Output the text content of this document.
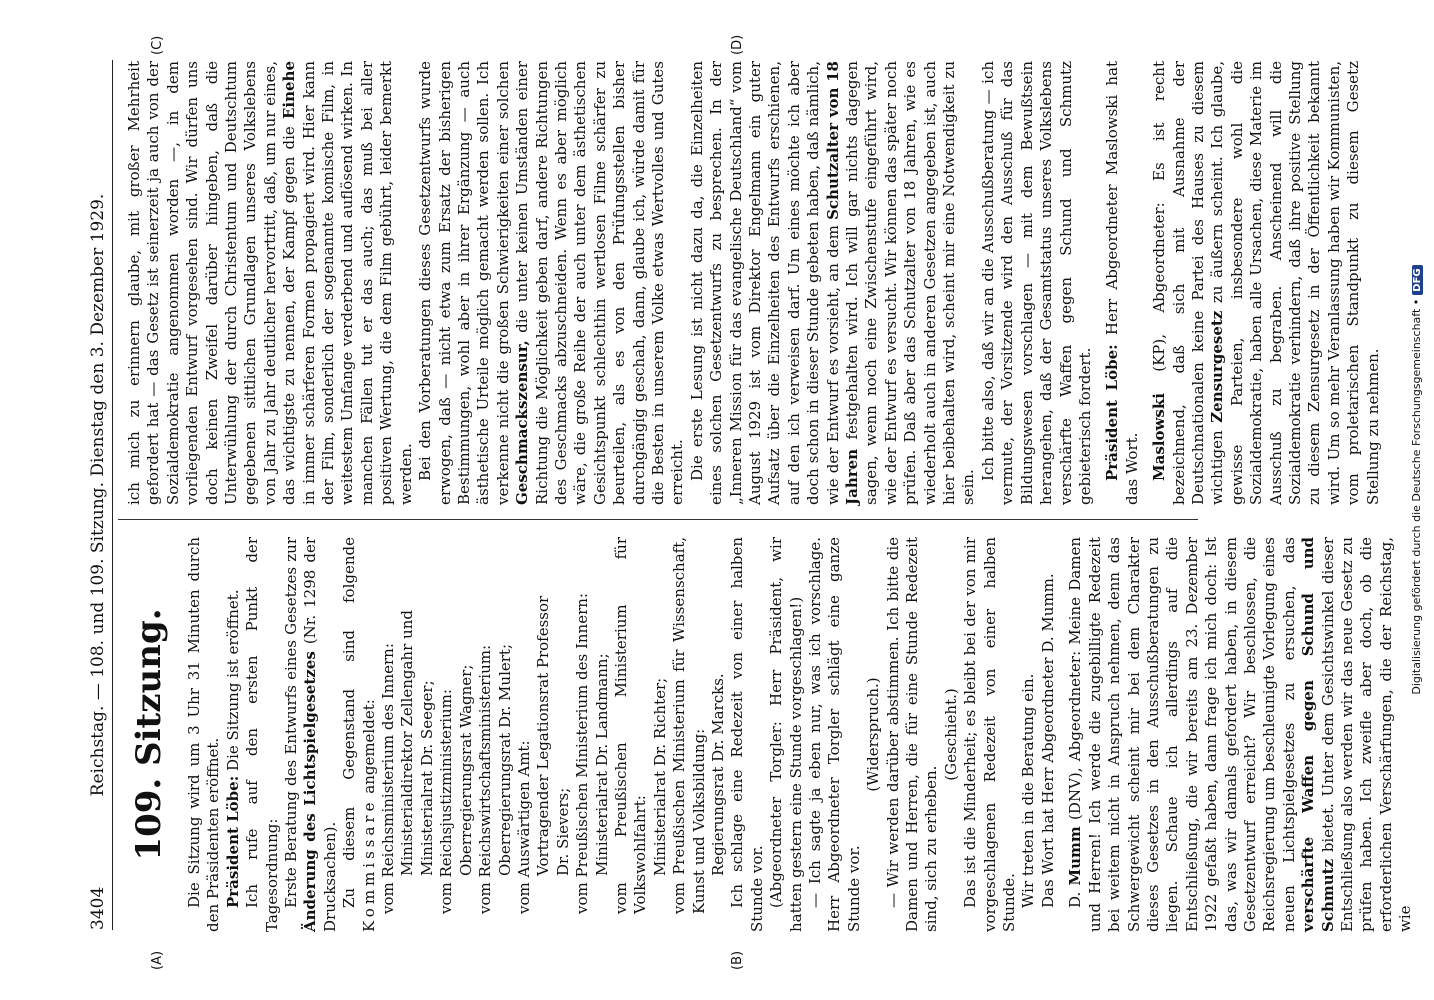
3404
Reichstag. — 108. und 109. Sitzung. Dienstag den 3. Dezember 1929.
(A)	(B)
(C)	(D)
109. Sitzung. Die Sitzung wird um 3 Uhr 31 Minuten durch den Präsidenten eröffnet. Präsident Löbe: Die Sitzung ist eröffnet. Ich rufe auf den ersten Punkt der Tagesordnung: Erste Beratung des Entwurfs eines Gesetzes zur Änderung des Lichtspielgesetzes (Nr. 1298 der Drucksachen). Zu diesem Gegenstand sind folgende Kommissare angemeldet: vom Reichsministerium des Innern: Ministerialdirektor Zellengahr und Ministerialrat Dr. Seeger; vom Reichsjustizministerium: Oberregierungsrat Wagner; vom Reichswirtschaftsministerium: Oberregierungsrat Dr. Mulert; vom Auswärtigen Amt: Vortragender Legationsrat Professor Dr. Sievers; vom Preußischen Ministerium des Innern: Ministerialrat Dr. Landmann; vom Preußischen Ministerium für Volkswohlfahrt: Ministerialrat Dr. Richter; vom Preußischen Ministerium für Wissenschaft, Kunst und Volksbildung: Regierungsrat Dr. Marcks. Ich schlage eine Redezeit von einer halben Stunde vor. (Abgeordneter Torgler: Herr Präsident, wir hatten gestern eine Stunde vorgeschlagen!) — Ich sagte ja eben nur, was ich vorschlage. Herr Abgeordneter Torgler schlägt eine ganze Stunde vor.

(Widerspruch.) — Wir werden darüber abstimmen. Ich bitte die Damen und Herren, die für eine Stunde Redezeit sind, sich zu erheben.

(Geschieht.) Das ist die Minderheit; es bleibt bei der von mir vorgeschlagenen Redezeit von einer halben Stunde. Wir treten in die Beratung ein. Das Wort hat Herr Abgeordneter D. Mumm. D. Mumm (DNV), Abgeordneter: Meine Damen und Herren! Ich werde die zugebilligte Redezeit bei weitem nicht in Anspruch nehmen, denn das Schwergewicht scheint mir bei dem Charakter dieses Gesetzes in den Ausschußberatungen zu liegen. Schaue ich allerdings auf die Entschließung, die wir bereits am 23. Dezember 1922 gefaßt haben, dann frage ich mich doch: Ist das, was wir damals gefordert haben, in diesem Gesetzentwurf erreicht? Wir beschlossen, die Reichsregierung um beschleunigte Vorlegung eines neuen Lichtspielgesetzes zu ersuchen, das verschärfte Waffen gegen Schund und Schmutz bietet. Unter dem Gesichtswinkel dieser Entschließung also werden wir das neue Gesetz zu prüfen haben. Ich zweifle aber doch, ob die erforderlichen Verschärfungen, die der Reichstag, wie

ich mich zu erinnern glaube, mit großer Mehrheit gefordert hat — das Gesetz ist seinerzeit ja auch von der Sozialdemokratie angenommen worden —, in dem vorliegenden Entwurf vorgesehen sind. Wir dürfen uns doch keinen Zweifel darüber hingeben, daß die Unterwühlung der durch Christentum und Deutschtum gegebenen sittlichen Grundlagen unseres Volkslebens von Jahr zu Jahr deutlicher hervortritt, daß, um nur eines, das wichtigste zu nennen, der Kampf gegen die Einehe in immer schärferen Formen propagiert wird. Hier kann der Film, sonderlich der sogenannte komische Film, in weitestem Umfange verderbend und auflösend wirken. In manchen Fällen tut er das auch; das muß bei aller positiven Wertung, die dem Film gebührt, leider bemerkt werden. Bei den Vorberatungen dieses Gesetzentwurfs wurde erwogen, daß — nicht etwa zum Ersatz der bisherigen Bestimmungen, wohl aber in ihrer Ergänzung — auch ästhetische Urteile möglich gemacht werden sollen. Ich verkenne nicht die großen Schwierigkeiten einer solchen Geschmackszensur, die unter keinen Umständen einer Richtung die Möglichkeit geben darf, andere Richtungen des Geschmacks abzuschneiden. Wenn es aber möglich wäre, die große Reihe der auch unter dem ästhetischen Gesichtspunkt schlechthin wertlosen Filme schärfer zu beurteilen, als es von den Prüfungsstellen bisher durchgängig geschah, dann, glaube ich, würde damit für die Besten in unserem Volke etwas Wertvolles und Gutes erreicht. Die erste Lesung ist nicht dazu da, die Einzelheiten eines solchen Gesetzentwurfs zu besprechen. In der „Inneren Mission für das evangelische Deutschland“ vom August 1929 ist vom Direktor Engelmann ein guter Aufsatz über die Einzelheiten des Entwurfs erschienen, auf den ich verweisen darf. Um eines möchte ich aber doch schon in dieser Stunde gebeten haben, daß nämlich, wie der Entwurf es vorsieht, an dem Schutzalter von 18 Jahren festgehalten wird. Ich will gar nichts dagegen sagen, wenn noch eine Zwischenstufe eingeführt wird, wie der Entwurf es versucht. Wir können das später noch prüfen. Daß aber das Schutzalter von 18 Jahren, wie es wiederholt auch in anderen Gesetzen angegeben ist, auch hier beibehalten wird, scheint mir eine Notwendigkeit zu sein.

Ich bitte also, daß wir an die Ausschußberatung — ich vermute, der Vorsitzende wird den Ausschuß für das Bildungswesen vorschlagen — mit dem Bewußtsein herangehen, daß der Gesamtstatus unseres Volkslebens verschärfte Waffen gegen Schund und Schmutz gebieterisch fordert. Präsident Löbe: Herr Abgeordneter Maslowski hat das Wort. Maslowski (KP), Abgeordneter: Es ist recht bezeichnend, daß sich mit Ausnahme der Deutschnationalen keine Partei des Hauses zu diesem wichtigen Zensurgesetz zu äußern scheint. Ich glaube, gewisse Parteien, insbesondere wohl die Sozialdemokratie, haben alle Ursachen, diese Materie im Ausschuß zu begraben. Anscheinend will die Sozialdemokratie verhindern, daß ihre positive Stellung zu diesem Zensurgesetz in der Öffentlichkeit bekannt wird. Um so mehr Veranlassung haben wir Kommunisten, vom proletarischen Standpunkt zu diesem Gesetz Stellung zu nehmen.	Digitalisierung gefördert durch die Deutsche Forschungsgemeinschaft •DFG
